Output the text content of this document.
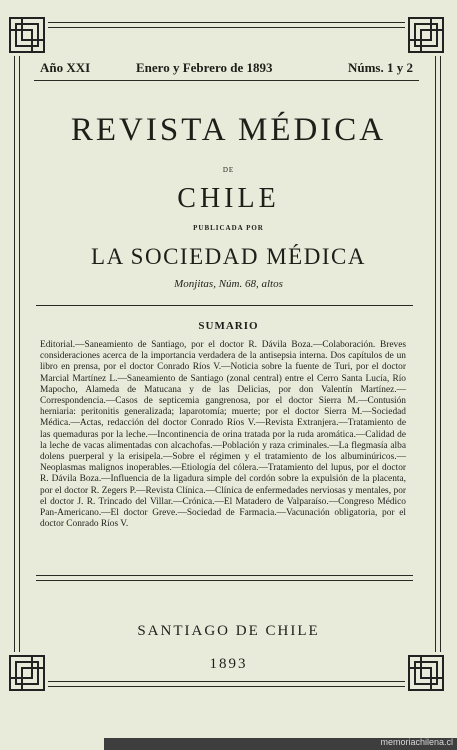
Año XXI	Enero y Febrero de 1893	Núms. 1 y 2
REVISTA MÉDICA
DE
CHILE
PUBLICADA POR
LA SOCIEDAD MÉDICA
Monjitas, Núm. 68, altos
SUMARIO
Editorial.—Saneamiento de Santiago, por el doctor R. Dávila Boza.—Colaboración. Breves consideraciones acerca de la importancia verdadera de la antisepsia interna. Dos capítulos de un libro en prensa, por el doctor Conrado Ríos V.—Noticia sobre la fuente de Turi, por el doctor Marcial Martínez L.—Saneamiento de Santiago (zonal central) entre el Cerro Santa Lucía, Río Mapocho, Alameda de Matucana y de las Delicias, por don Valentín Martínez.—Correspondencia.—Casos de septicemia gangrenosa, por el doctor Sierra M.—Contusión herniaria: peritonitis generalizada; laparotomía; muerte; por el doctor Sierra M.—Sociedad Médica.—Actas, redacción del doctor Conrado Ríos V.—Revista Extranjera.—Tratamiento de las quemaduras por la leche.—Incontinencia de orina tratada por la ruda aromática.—Calidad de la leche de vacas alimentadas con alcachofas.—Población y raza criminales.—La flegmasía alba dolens puerperal y la erisipela.—Sobre el régimen y el tratamiento de los albuminúricos.—Neoplasmas malignos inoperables.—Etiología del cólera.—Tratamiento del lupus, por el doctor R. Dávila Boza.—Influencia de la ligadura simple del cordón sobre la expulsión de la placenta, por el doctor R. Zegers P.—Revista Clínica.—Clínica de enfermedades nerviosas y mentales, por el doctor J. R. Trincado del Villar.—Crónica.—El Matadero de Valparaíso.—Congreso Médico Pan-Americano.—El doctor Greve.—Sociedad de Farmacia.—Vacunación obligatoria, por el doctor Conrado Ríos V.
SANTIAGO DE CHILE
1893
memoriachilena.cl
